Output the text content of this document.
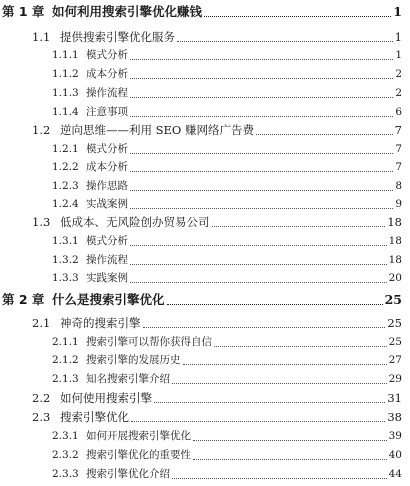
第 1 章 如何利用搜索引擎优化赚钱	1
1.1 提供搜索引擎优化服务	1
1.1.1 模式分析	1
1.1.2 成本分析	2
1.1.3 操作流程	2
1.1.4 注意事项	6
1.2 逆向思维——利用 SEO 赚网络广告费	7
1.2.1 模式分析	7
1.2.2 成本分析	7
1.2.3 操作思路	8
1.2.4 实战案例	9
1.3 低成本、无风险创办贸易公司	18
1.3.1 模式分析	18
1.3.2 操作流程	18
1.3.3 实践案例	20
第 2 章 什么是搜索引擎优化	25
2.1 神奇的搜索引擎	25
2.1.1 搜索引擎可以帮你获得自信	25
2.1.2 搜索引擎的发展历史	27
2.1.3 知名搜索引擎介绍	29
2.2 如何使用搜索引擎	31
2.3 搜索引擎优化	38
2.3.1 如何开展搜索引擎优化	39
2.3.2 搜索引擎优化的重要性	40
2.3.3 搜索引擎优化介绍	44
